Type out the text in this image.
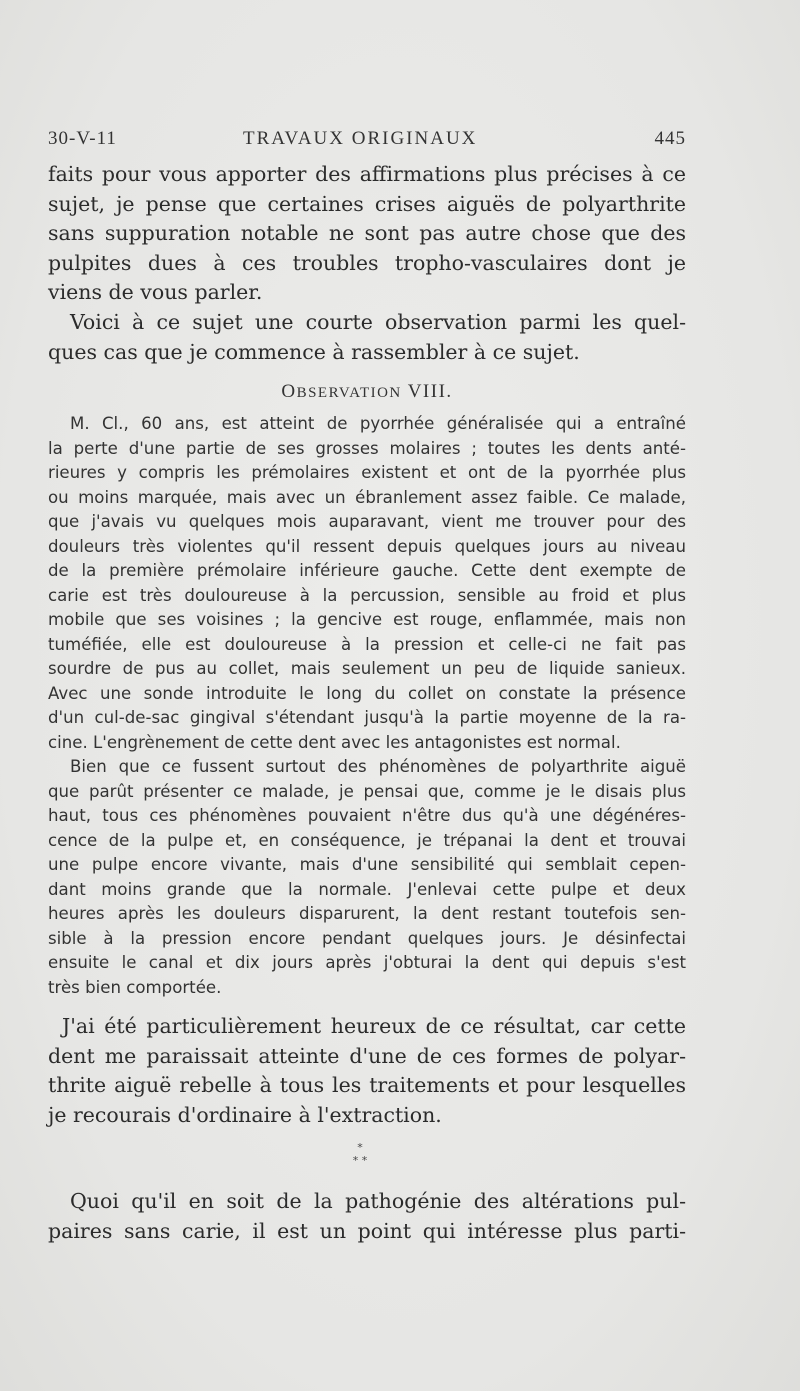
30-V-11	TRAVAUX ORIGINAUX	445
faits pour vous apporter des affirmations plus précises à ce
sujet, je pense que certaines crises aiguës de polyarthrite
sans suppuration notable ne sont pas autre chose que des
pulpites dues à ces troubles tropho-vasculaires dont je
viens de vous parler.
Voici à ce sujet une courte observation parmi les quel-
ques cas que je commence à rassembler à ce sujet.
OBSERVATION VIII.
M. Cl., 60 ans, est atteint de pyorrhée généralisée qui a entraîné
la perte d'une partie de ses grosses molaires ; toutes les dents anté-
rieures y compris les prémolaires existent et ont de la pyorrhée plus
ou moins marquée, mais avec un ébranlement assez faible. Ce malade,
que j'avais vu quelques mois auparavant, vient me trouver pour des
douleurs très violentes qu'il ressent depuis quelques jours au niveau
de la première prémolaire inférieure gauche. Cette dent exempte de
carie est très douloureuse à la percussion, sensible au froid et plus
mobile que ses voisines ; la gencive est rouge, enflammée, mais non
tuméfiée, elle est douloureuse à la pression et celle-ci ne fait pas
sourdre de pus au collet, mais seulement un peu de liquide sanieux.
Avec une sonde introduite le long du collet on constate la présence
d'un cul-de-sac gingival s'étendant jusqu'à la partie moyenne de la ra-
cine. L'engrènement de cette dent avec les antagonistes est normal.
Bien que ce fussent surtout des phénomènes de polyarthrite aiguë
que parût présenter ce malade, je pensai que, comme je le disais plus
haut, tous ces phénomènes pouvaient n'être dus qu'à une dégénéres-
cence de la pulpe et, en conséquence, je trépanai la dent et trouvai
une pulpe encore vivante, mais d'une sensibilité qui semblait cepen-
dant moins grande que la normale. J'enlevai cette pulpe et deux
heures après les douleurs disparurent, la dent restant toutefois sen-
sible à la pression encore pendant quelques jours. Je désinfectai
ensuite le canal et dix jours après j'obturai la dent qui depuis s'est
très bien comportée.
J'ai été particulièrement heureux de ce résultat, car cette
dent me paraissait atteinte d'une de ces formes de polyar-
thrite aiguë rebelle à tous les traitements et pour lesquelles
je recourais d'ordinaire à l'extraction.
*
* *
Quoi qu'il en soit de la pathogénie des altérations pul-
paires sans carie, il est un point qui intéresse plus parti-
